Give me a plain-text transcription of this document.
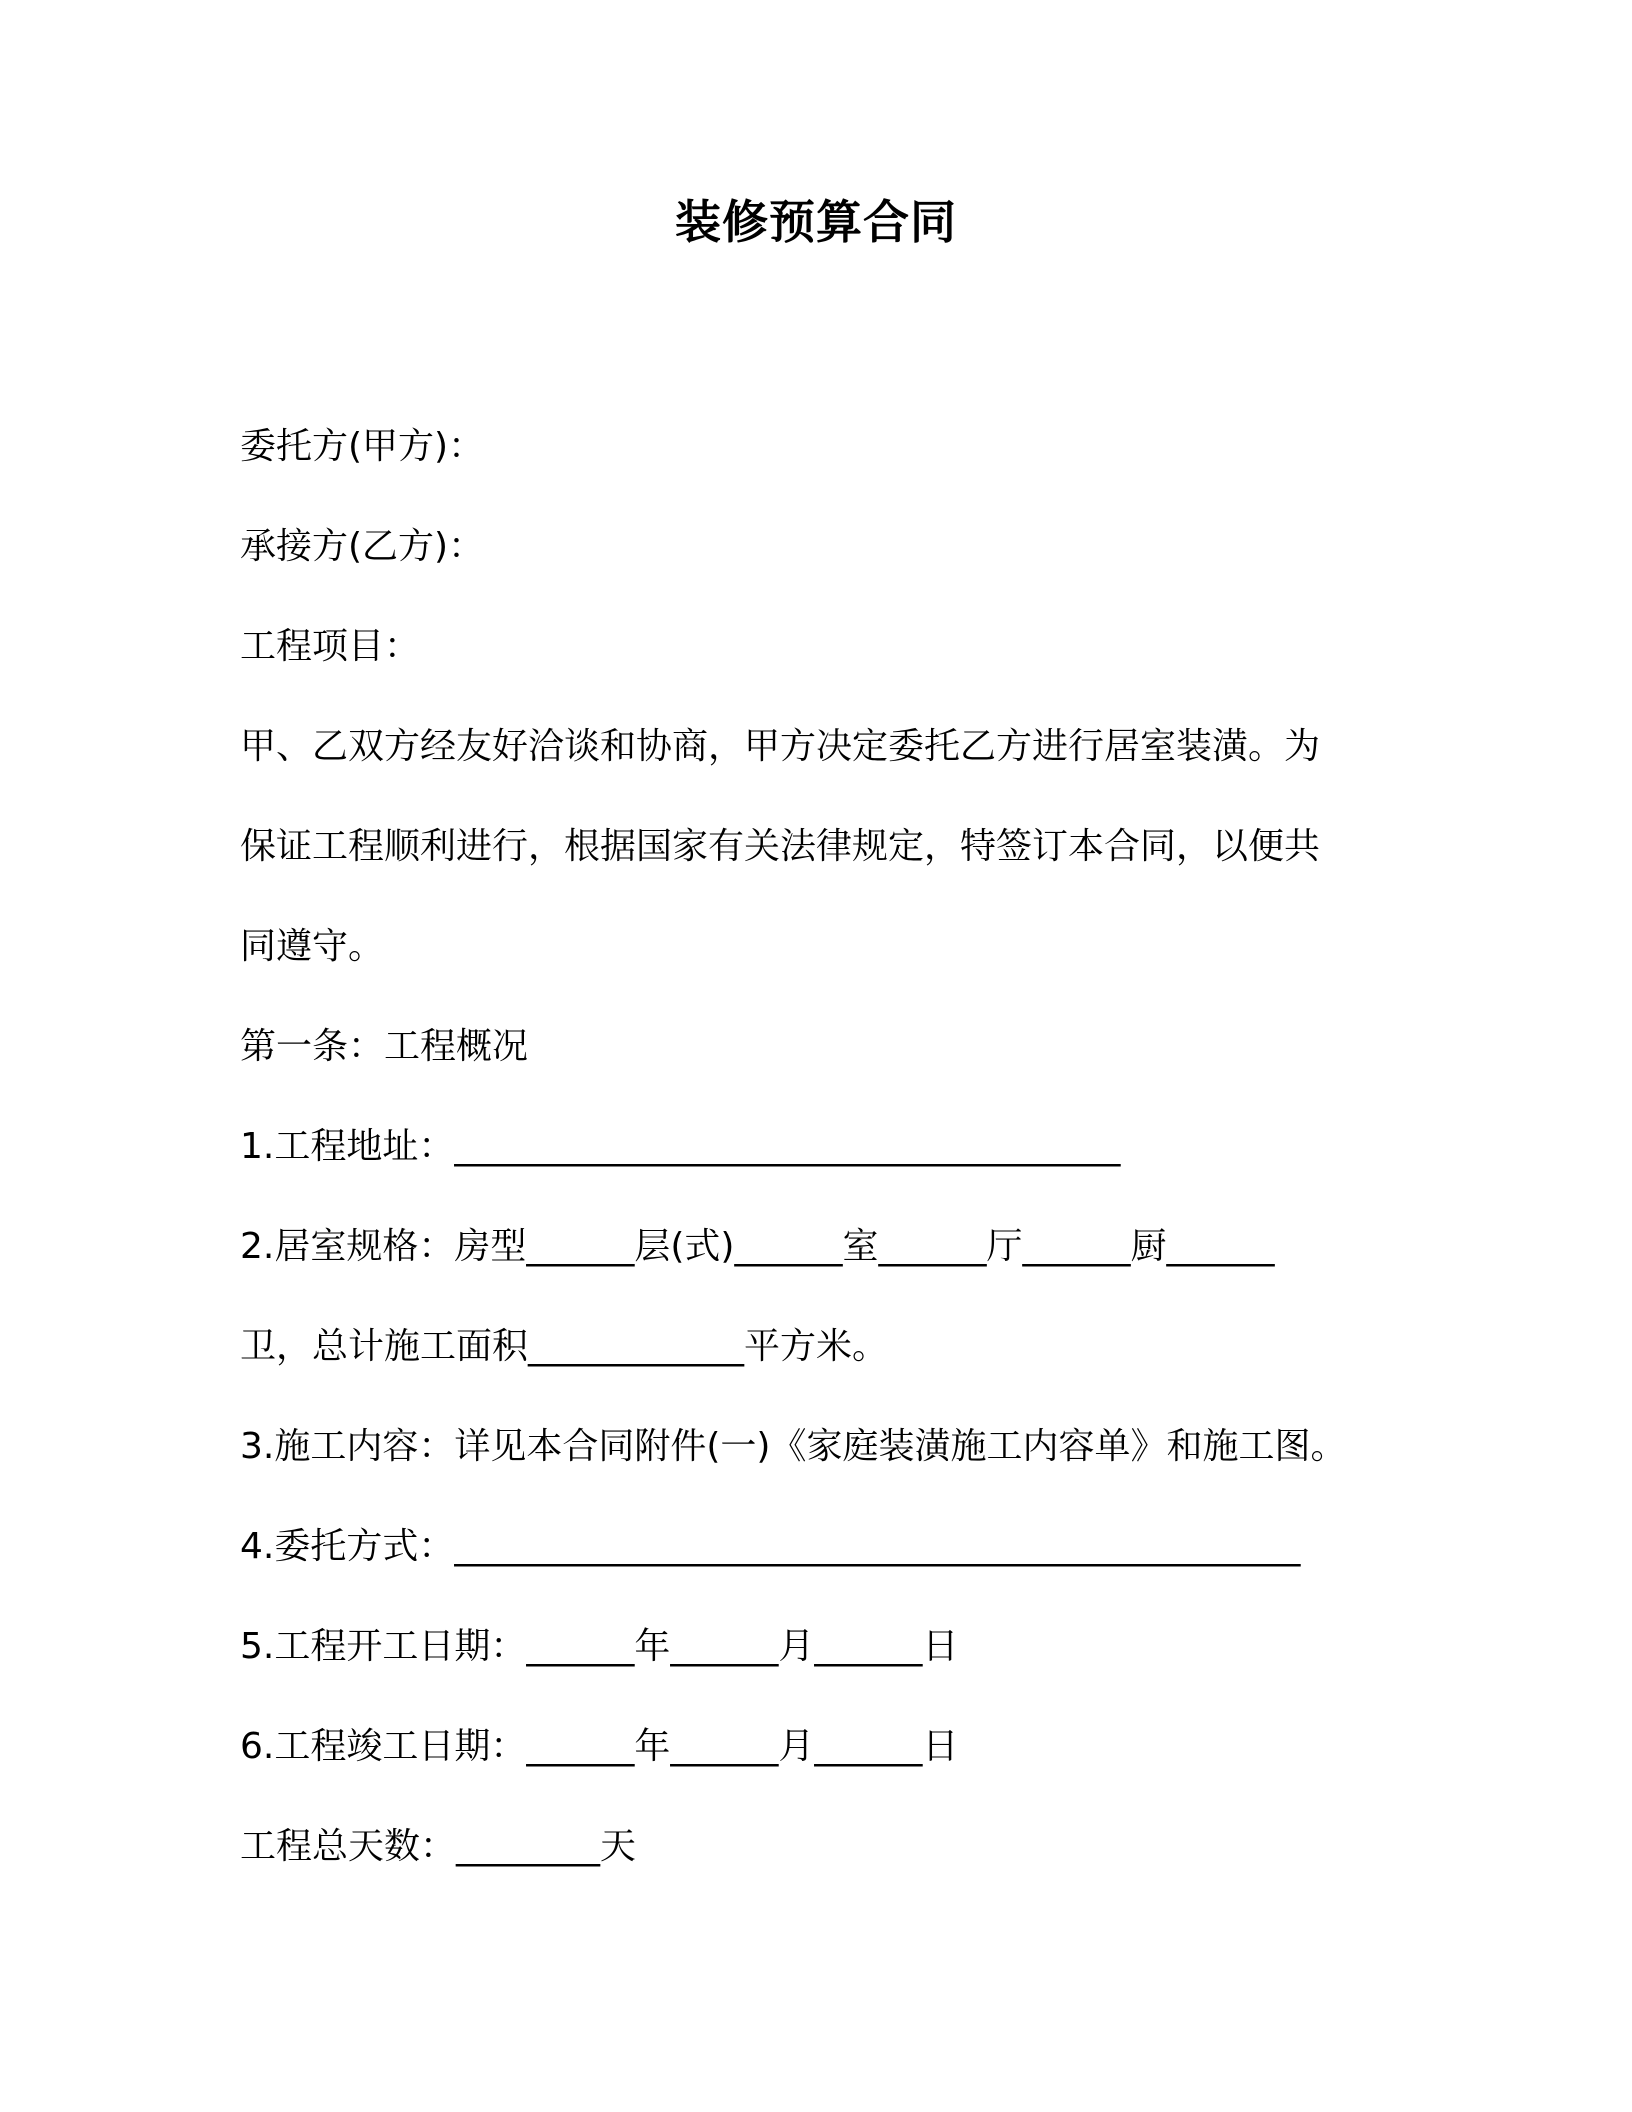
装修预算合同
委托方(甲方)：
承接方(乙方)：
工程项目：
甲、乙双方经友好洽谈和协商，甲方决定委托乙方进行居室装潢。为
保证工程顺利进行，根据国家有关法律规定，特签订本合同，以便共
同遵守。
第一条：工程概况
1.工程地址：_____________________________________
2.居室规格：房型______层(式)______室______厅______厨______
卫，总计施工面积____________平方米。
3.施工内容：详见本合同附件(一)《家庭装潢施工内容单》和施工图。
4.委托方式：_______________________________________________
5.工程开工日期：______年______月______日
6.工程竣工日期：______年______月______日
工程总天数：________天
